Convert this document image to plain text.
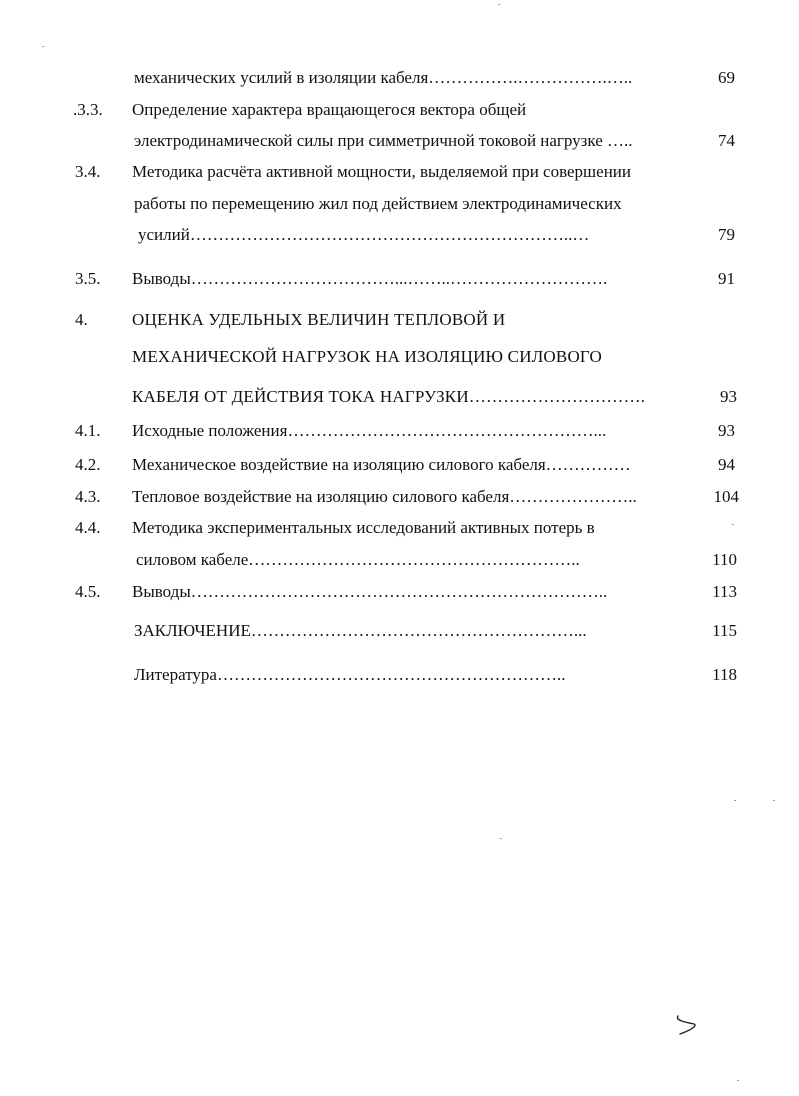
механических усилий в изоляции кабеля…………….…………….…..	69
.3.3. Определение характера вращающегося вектора общей
электродинамической силы при симметричной токовой нагрузке …..	74
3.4. Методика расчёта активной мощности, выделяемой при совершении
работы по перемещению жил под действием электродинамических
усилий…………………………………………………………..…	79
3.5. Выводы………………………………...……..……………………….	91
4.	ОЦЕНКА УДЕЛЬНЫХ ВЕЛИЧИН ТЕПЛОВОЙ И
МЕХАНИЧЕСКОЙ НАГРУЗОК НА ИЗОЛЯЦИЮ СИЛОВОГО
КАБЕЛЯ ОТ ДЕЙСТВИЯ ТОКА НАГРУЗКИ………………………….	93
4.1. Исходные положения………………………………………………...	93
4.2. Механическое воздействие на изоляцию силового кабеля……………	94
4.3. Тепловое воздействие на изоляцию силового кабеля…………………..	104
4.4. Методика экспериментальных исследований активных потерь в
силовом кабеле…………………………………………………..	110
4.5. Выводы………………………………………………………………..	113
ЗАКЛЮЧЕНИЕ…………………………………………………...	115
Литература……………………………………………………..	118
